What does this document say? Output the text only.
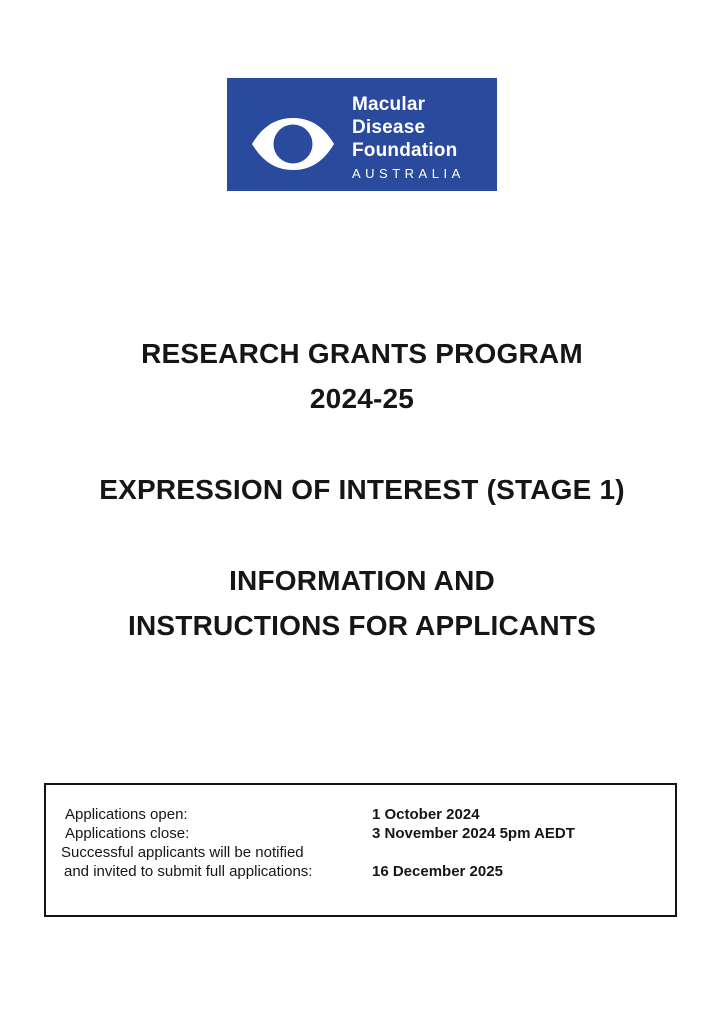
Macular
Disease
Foundation
AUSTRALIA
RESEARCH GRANTS PROGRAM
2024-25
EXPRESSION OF INTEREST (STAGE 1)
INFORMATION AND
INSTRUCTIONS FOR APPLICANTS
Applications open:	1 October 2024
Applications close:	3 November 2024 5pm AEDT
Successful applicants will be notified
and invited to submit full applications:	16 December 2025
